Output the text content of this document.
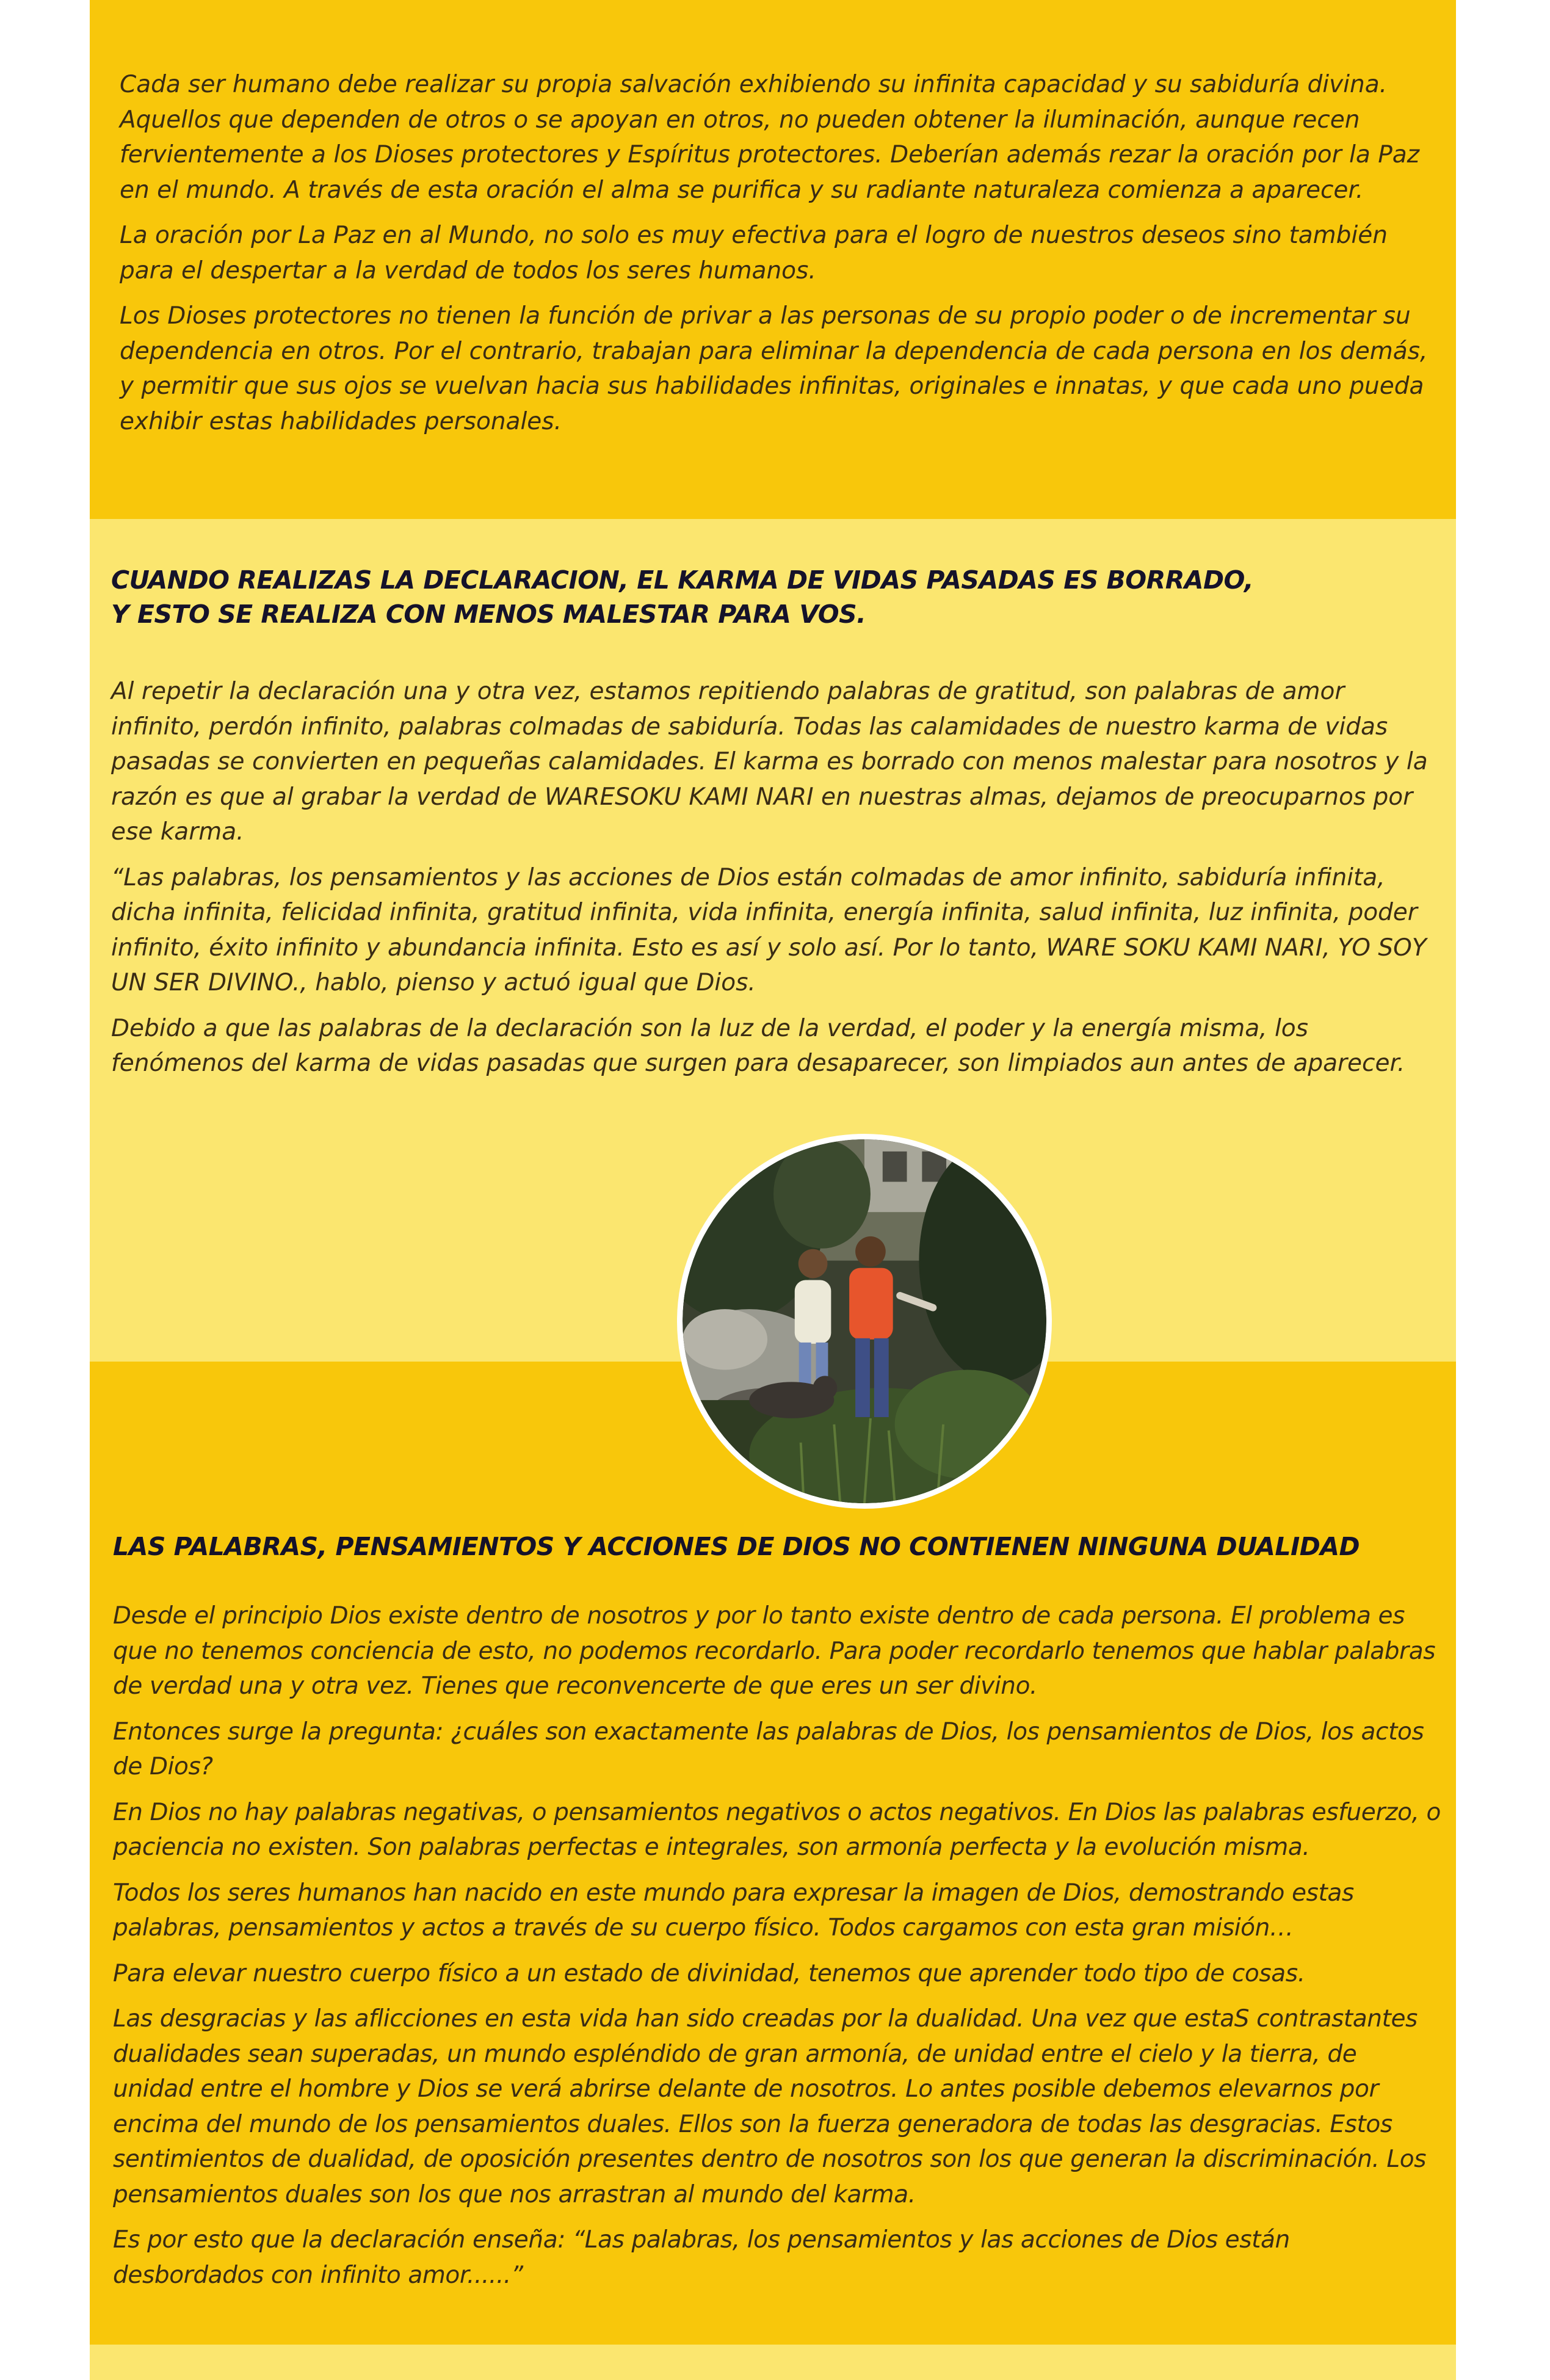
Cada ser humano debe realizar su propia salvación exhibiendo su infinita capacidad y su sabiduría divina. Aquellos que dependen de otros o se apoyan en otros, no pueden obtener la iluminación, aunque recen fervientemente a los Dioses protectores y Espíritus protectores. Deberían además rezar la oración por la Paz en el mundo. A través de esta oración el alma se purifica y su radiante naturaleza comienza a aparecer.

La oración por La Paz en al Mundo, no solo es muy efectiva para el logro de nuestros deseos sino también para el despertar a la verdad de todos los seres humanos.

Los Dioses protectores no tienen la función de privar a las personas de su propio poder o de incrementar su dependencia en otros. Por el contrario, trabajan para eliminar la dependencia de cada persona en los demás, y permitir que sus ojos se vuelvan hacia sus habilidades infinitas, originales e innatas, y que cada uno pueda exhibir estas habilidades personales.

CUANDO REALIZAS LA DECLARACION, EL KARMA DE VIDAS PASADAS ES BORRADO,

Y ESTO SE REALIZA CON MENOS MALESTAR PARA VOS.

Al repetir la declaración una y otra vez, estamos repitiendo palabras de gratitud, son palabras de amor infinito, perdón infinito, palabras colmadas de sabiduría. Todas las calamidades de nuestro karma de vidas pasadas se convierten en pequeñas calamidades. El karma es borrado con menos malestar para nosotros y la razón es que al grabar la verdad de WARESOKU KAMI NARI en nuestras almas, dejamos de preocuparnos por ese karma.

“Las palabras, los pensamientos y las acciones de Dios están colmadas de amor infinito, sabiduría infinita, dicha infinita, felicidad infinita, gratitud infinita, vida infinita, energía infinita, salud infinita, luz infinita, poder infinito, éxito infinito y abundancia infinita. Esto es así y solo así. Por lo tanto, WARE SOKU KAMI NARI, YO SOY UN SER DIVINO., hablo, pienso y actuó igual que Dios.

Debido a que las palabras de la declaración son la luz de la verdad, el poder y la energía misma, los fenómenos del karma de vidas pasadas que surgen para desaparecer, son limpiados aun antes de aparecer.

LAS PALABRAS, PENSAMIENTOS Y ACCIONES DE DIOS NO CONTIENEN NINGUNA DUALIDAD

Desde el principio Dios existe dentro de nosotros y por lo tanto existe dentro de cada persona. El problema es que no tenemos conciencia de esto, no podemos recordarlo. Para poder recordarlo tenemos que hablar palabras de verdad una y otra vez. Tienes que reconvencerte de que eres un ser divino.

Entonces surge la pregunta: ¿cuáles son exactamente las palabras de Dios, los pensamientos de Dios, los actos de Dios?

En Dios no hay palabras negativas, o pensamientos negativos o actos negativos. En Dios las palabras esfuerzo, o paciencia no existen. Son palabras perfectas e integrales, son armonía perfecta y la evolución misma.

Todos los seres humanos han nacido en este mundo para expresar la imagen de Dios, demostrando estas palabras, pensamientos y actos a través de su cuerpo físico. Todos cargamos con esta gran misión…

Para elevar nuestro cuerpo físico a un estado de divinidad, tenemos que aprender todo tipo de cosas.

Las desgracias y las aflicciones en esta vida han sido creadas por la dualidad. Una vez que estaS contrastantes dualidades sean superadas, un mundo espléndido de gran armonía, de unidad entre el cielo y la tierra, de unidad entre el hombre y Dios se verá abrirse delante de nosotros. Lo antes posible debemos elevarnos por encima del mundo de los pensamientos duales. Ellos son la fuerza generadora de todas las desgracias. Estos sentimientos de dualidad, de oposición presentes dentro de nosotros son los que generan la discriminación. Los pensamientos duales son los que nos arrastran al mundo del karma.

Es por esto que la declaración enseña: “Las palabras, los pensamientos y las acciones de Dios están desbordados con infinito amor......”
